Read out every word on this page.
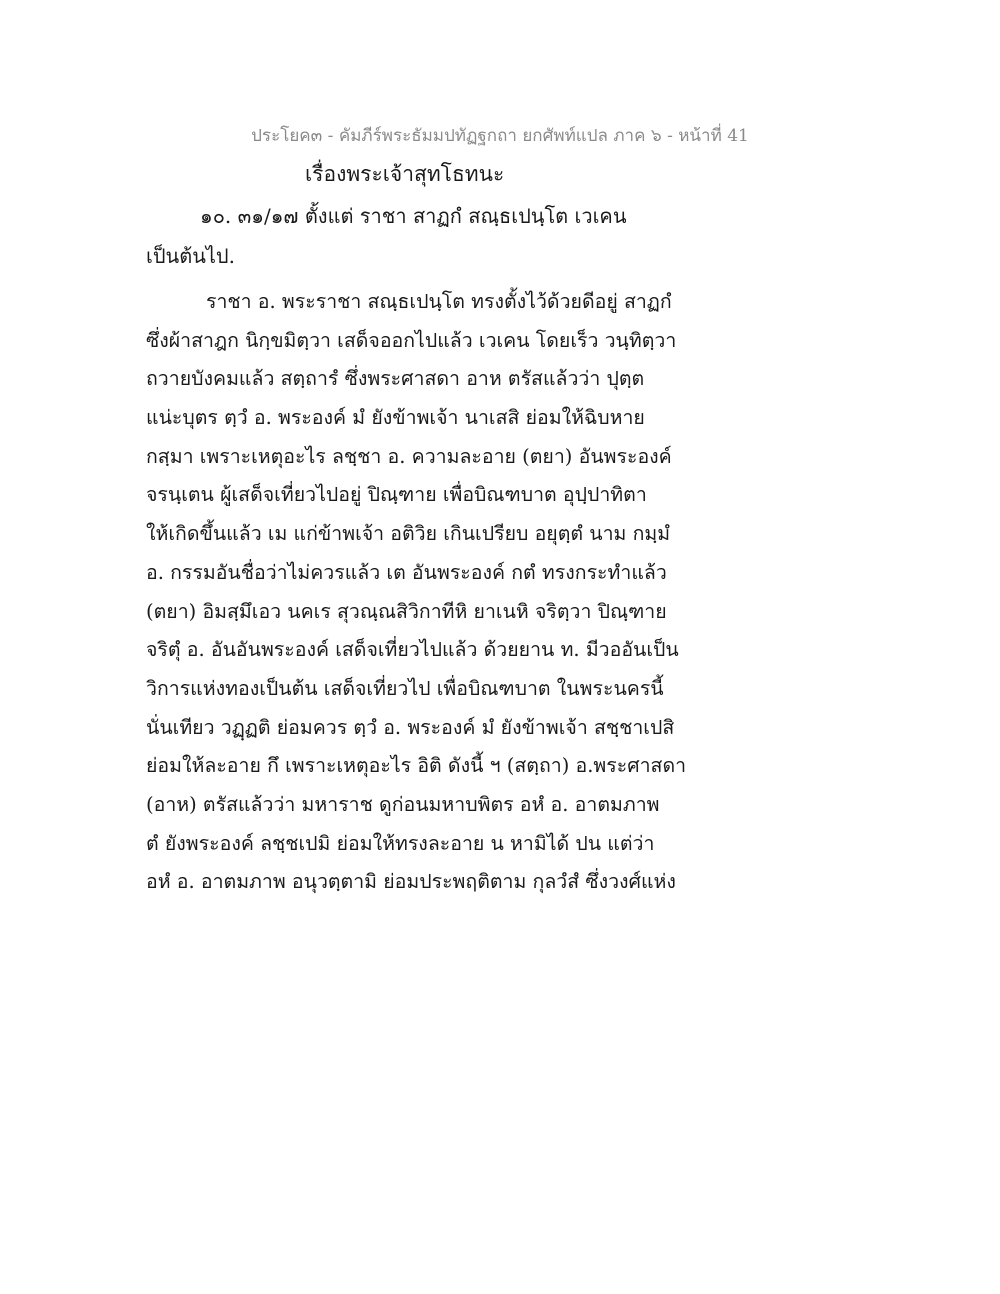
ประโยค๓ - คัมภีร์พระธัมมปทัฏฐกถา ยกศัพท์แปล ภาค ๖ - หน้าที่ 41
เรื่องพระเจ้าสุทโธทนะ
๑๐. ๓๑/๑๗ ตั้งแต่ ราชา สาฏกํ สณฺธเปนฺโต เวเคน
เป็นต้นไป.
ราชา อ. พระราชา สณฺธเปนฺโต ทรงตั้งไว้ด้วยดีอยู่ สาฏกํ
ซึ่งผ้าสาฎก นิกฺขมิตฺวา เสด็จออกไปแล้ว เวเคน โดยเร็ว วนฺทิตฺวา
ถวายบังคมแล้ว สตฺถารํ ซึ่งพระศาสดา อาห ตรัสแล้วว่า ปุตฺต
แน่ะบุตร ตฺวํ อ. พระองค์ มํ ยังข้าพเจ้า นาเสสิ ย่อมให้ฉิบหาย
กสฺมา เพราะเหตุอะไร ลชฺชา อ. ความละอาย (ตยา) อันพระองค์
จรนฺเตน ผู้เสด็จเที่ยวไปอยู่ ปิณฺฑาย เพื่อบิณฑบาต อุปฺปาทิตา
ให้เกิดขึ้นแล้ว เม แก่ข้าพเจ้า อติวิย เกินเปรียบ อยุตฺตํ นาม กมฺมํ
อ. กรรมอันชื่อว่าไม่ควรแล้ว เต อันพระองค์ กตํ ทรงกระทำแล้ว
(ตยา) อิมสฺมึเอว นคเร สุวณฺณสิวิกาทีหิ ยาเนหิ จริตฺวา ปิณฺฑาย
จริตุํ อ. อันอันพระองค์ เสด็จเที่ยวไปแล้ว ด้วยยาน ท. มีวออันเป็น
วิการแห่งทองเป็นต้น เสด็จเที่ยวไป เพื่อบิณฑบาต ในพระนครนี้
นั่นเทียว วฏฺฏติ ย่อมควร ตฺวํ อ. พระองค์ มํ ยังข้าพเจ้า สชฺชาเปสิ
ย่อมให้ละอาย กึ เพราะเหตุอะไร อิติ ดังนี้ ฯ (สตฺถา) อ.พระศาสดา
(อาห) ตรัสแล้วว่า มหาราช ดูก่อนมหาบพิตร อหํ อ. อาตมภาพ
ตํ ยังพระองค์ ลชฺชเปมิ ย่อมให้ทรงละอาย น หามิได้ ปน แต่ว่า
อหํ อ. อาตมภาพ อนุวตฺตามิ ย่อมประพฤติตาม กุลวํสํ ซึ่งวงศ์แห่ง
